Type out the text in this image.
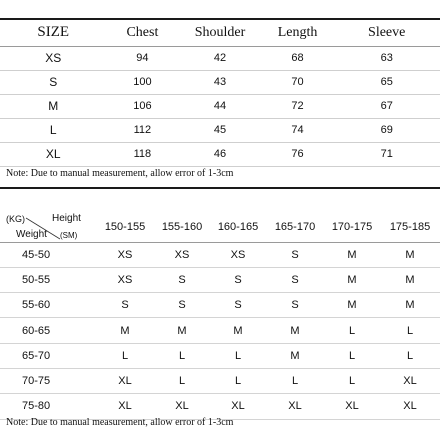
SIZE	Chest	Shoulder	Length	Sleeve
XS	94	42	68	63
S	100	43	70	65
M	106	44	72	67
L	112	45	74	69
XL	118	46	76	71
Note: Due to manual measurement, allow error of 1-3cm
(KG) Height
Weight (SM)	150-155	155-160	160-165	165-170	170-175	175-185
45-50	XS	XS	XS	S	M	M
50-55	XS	S	S	S	M	M
55-60	S	S	S	S	M	M
60-65	M	M	M	M	L	L
65-70	L	L	L	M	L	L
70-75	XL	L	L	L	L	XL
75-80	XL	XL	XL	XL	XL	XL
Note: Due to manual measurement, allow error of 1-3cm
